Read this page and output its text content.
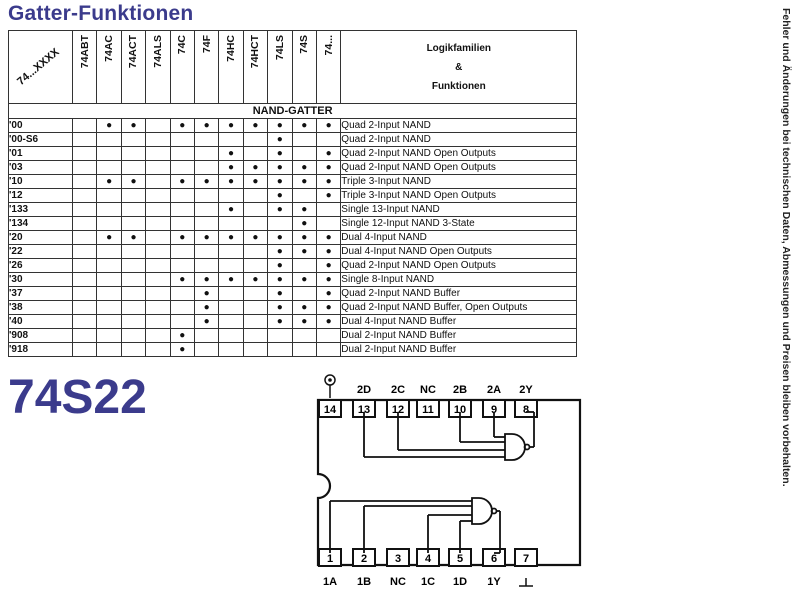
Gatter-Funktionen
74...XXXX	74ABT	74AC	74ACT	74ALS	74C	74F	74HC	74HCT	74LS	74S	74...	Logikfamilien
&
Funktionen

NAND-GATTER												
'00		●	●		●	●	●	●	●	●	●	Quad 2-Input NAND
'00-S6									●			Quad 2-Input NAND
'01							●		●		●	Quad 2-Input NAND Open Outputs
'03							●	●	●	●	●	Quad 2-Input NAND Open Outputs
'10		●	●		●	●	●	●	●	●	●	Triple 3-Input NAND
'12									●		●	Triple 3-Input NAND Open Outputs
'133							●		●	●		Single 13-Input NAND
'134										●		Single 12-Input NAND 3-State
'20		●	●		●	●	●	●	●	●	●	Dual 4-Input NAND
'22									●	●	●	Dual 4-Input NAND Open Outputs
'26									●		●	Quad 2-Input NAND Open Outputs
'30					●	●	●	●	●	●	●	Single 8-Input NAND
'37						●			●		●	Quad 2-Input NAND Buffer
'38						●			●	●	●	Quad 2-Input NAND Buffer, Open Outputs
'40						●			●	●	●	Dual 4-Input NAND Buffer
'908					●							Dual 2-Input NAND Buffer
'918					●							Dual 2-Input NAND Buffer
74S22	2D 2C NC 2B 2A 2Y
14 13 12 11 10 9 8
1	2	3 4 5	6 7
1A 1B NC 1C 1D 1Y
Fehler und Änderungen bei technischen Daten, Abmessungen und Preisen bleiben vorbehalten.
